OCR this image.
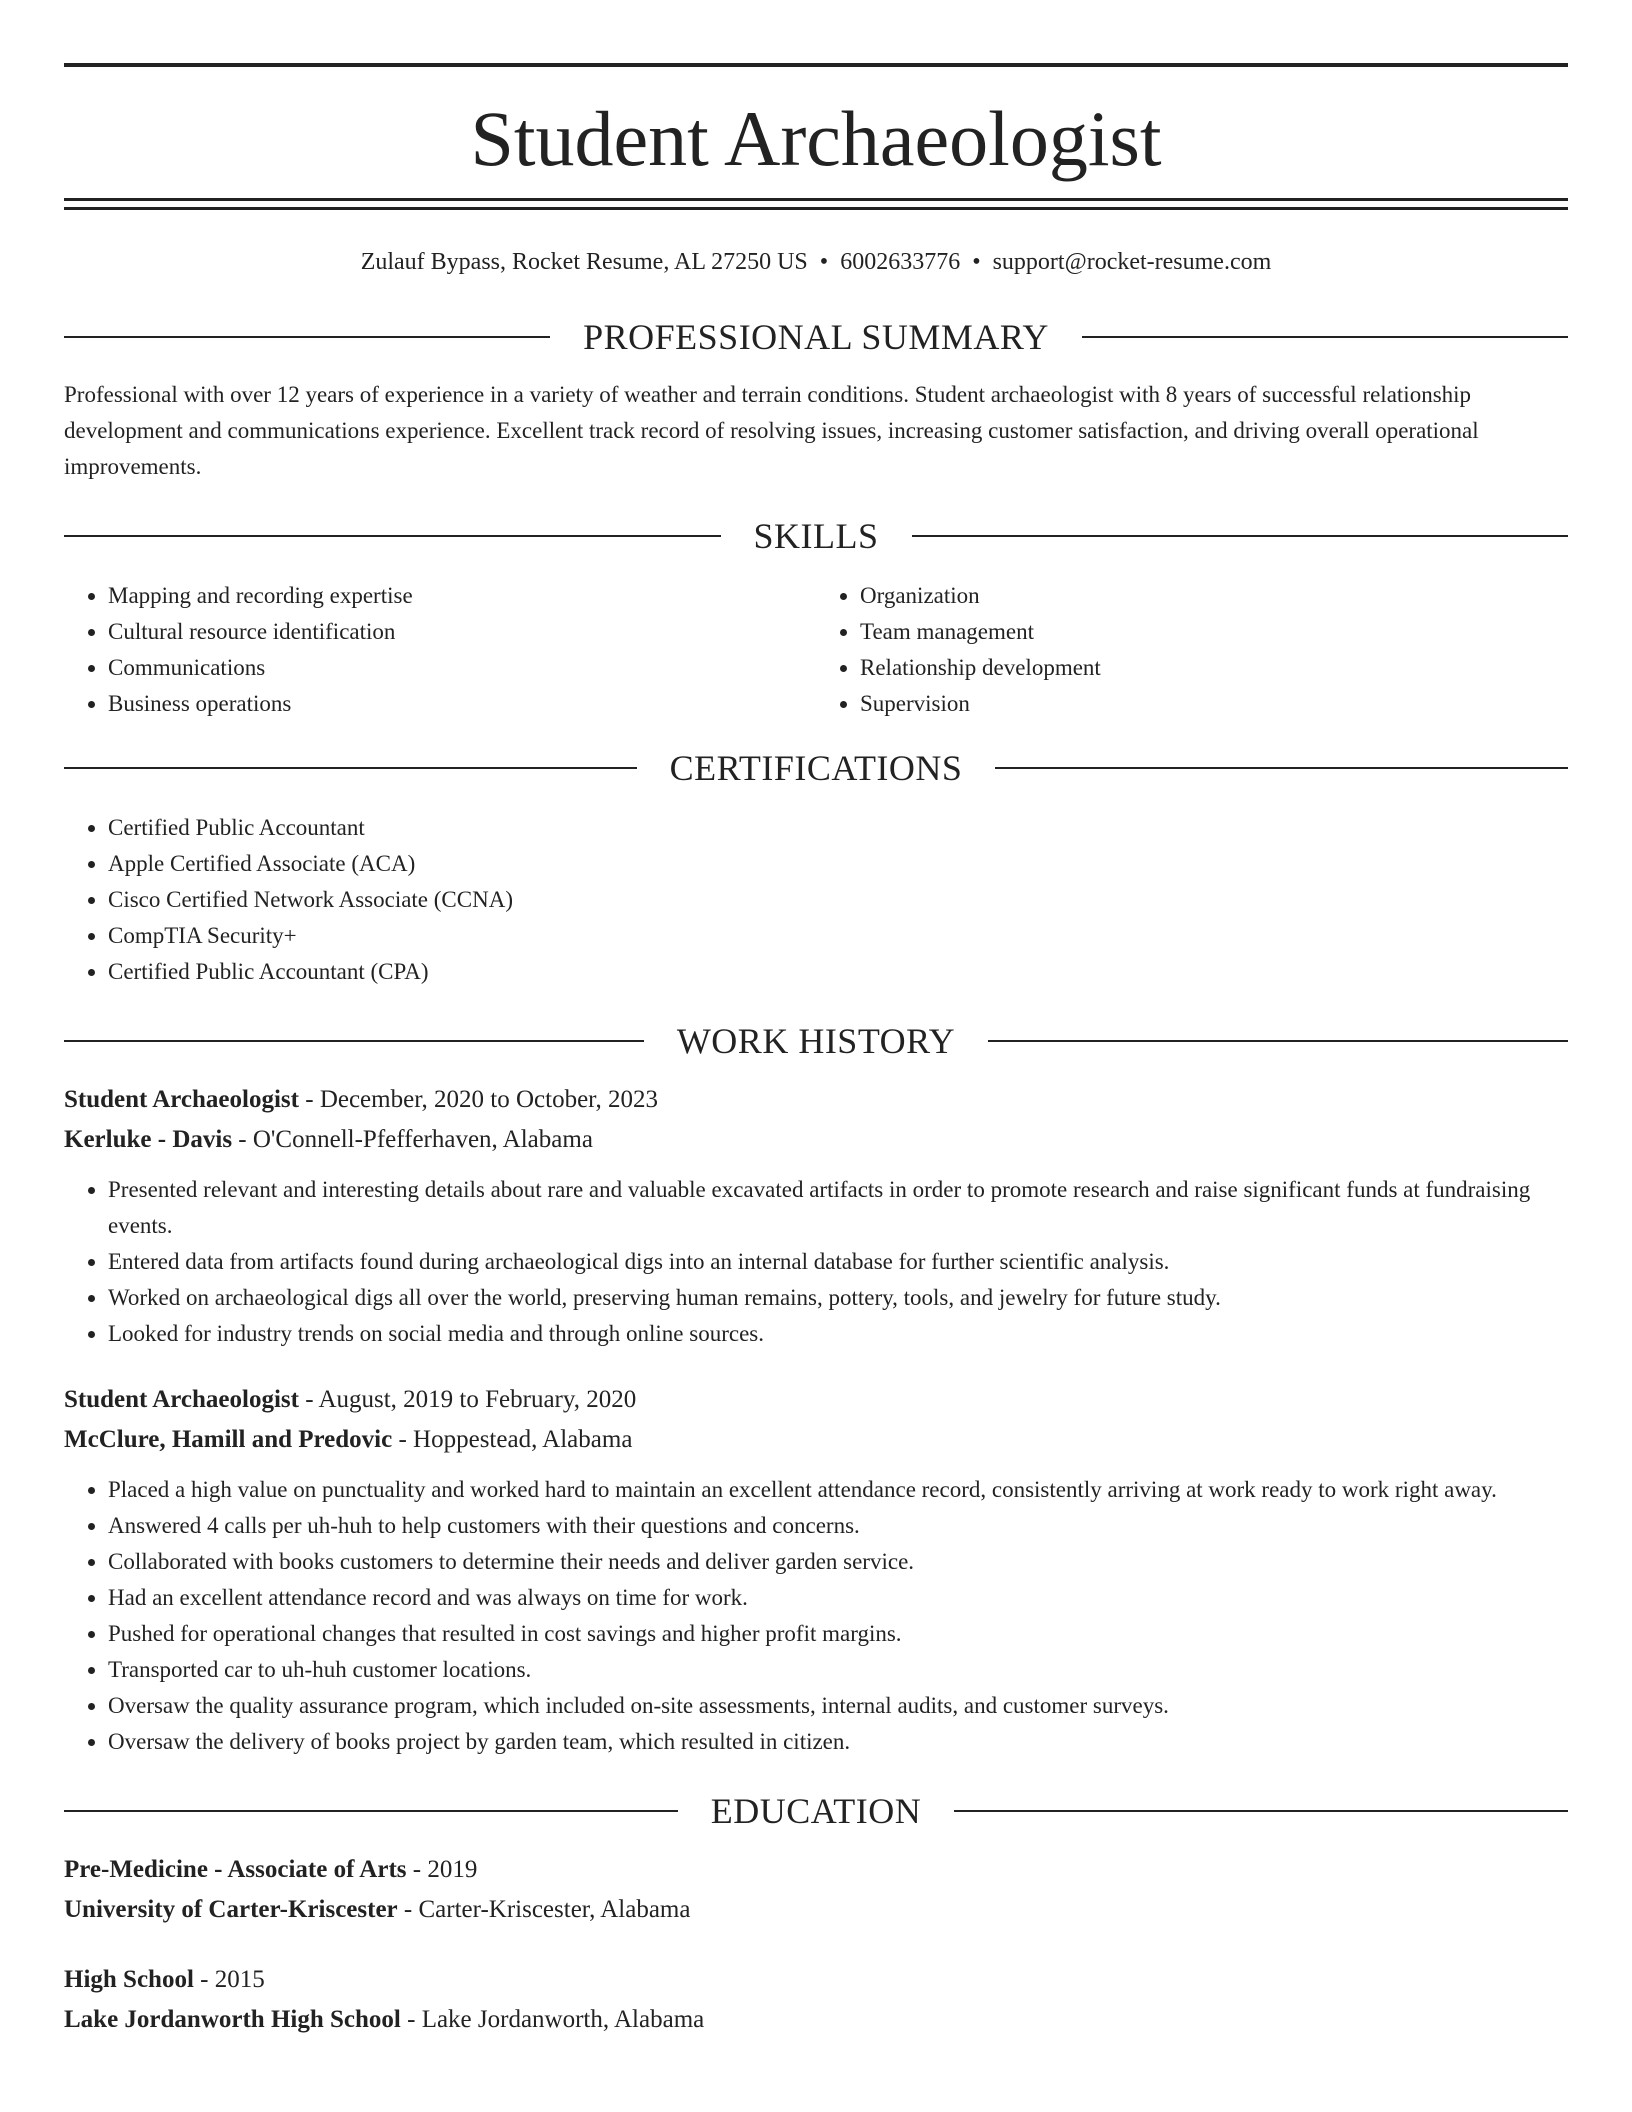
Student Archaeologist
Zulauf Bypass, Rocket Resume, AL 27250 US • 6002633776 • support@rocket-resume.com
PROFESSIONAL SUMMARY

Professional with over 12 years of experience in a variety of weather and terrain conditions. Student archaeologist with 8 years of successful relationship development and communications experience. Excellent track record of resolving issues, increasing customer satisfaction, and driving overall operational improvements.

SKILLS
• Mapping and recording expertise
• Cultural resource identification
• Communications
• Business operations
• Organization
• Team management
• Relationship development
• Supervision
CERTIFICATIONS
• Certified Public Accountant
• Apple Certified Associate (ACA)
• Cisco Certified Network Associate (CCNA)
• CompTIA Security+
• Certified Public Accountant (CPA)
WORK HISTORY
Student Archaeologist - December, 2020 to October, 2023
Kerluke - Davis - O'Connell-Pfefferhaven, Alabama
• Presented relevant and interesting details about rare and valuable excavated artifacts in order to promote research and raise significant funds at fundraising events.
• Entered data from artifacts found during archaeological digs into an internal database for further scientific analysis.
• Worked on archaeological digs all over the world, preserving human remains, pottery, tools, and jewelry for future study.
• Looked for industry trends on social media and through online sources.
Student Archaeologist - August, 2019 to February, 2020
McClure, Hamill and Predovic - Hoppestead, Alabama
• Placed a high value on punctuality and worked hard to maintain an excellent attendance record, consistently arriving at work ready to work right away.
• Answered 4 calls per uh-huh to help customers with their questions and concerns.
• Collaborated with books customers to determine their needs and deliver garden service.
• Had an excellent attendance record and was always on time for work.
• Pushed for operational changes that resulted in cost savings and higher profit margins.
• Transported car to uh-huh customer locations.
• Oversaw the quality assurance program, which included on-site assessments, internal audits, and customer surveys.
• Oversaw the delivery of books project by garden team, which resulted in citizen.
EDUCATION
Pre-Medicine - Associate of Arts - 2019
University of Carter-Kriscester - Carter-Kriscester, Alabama
High School - 2015
Lake Jordanworth High School - Lake Jordanworth, Alabama
